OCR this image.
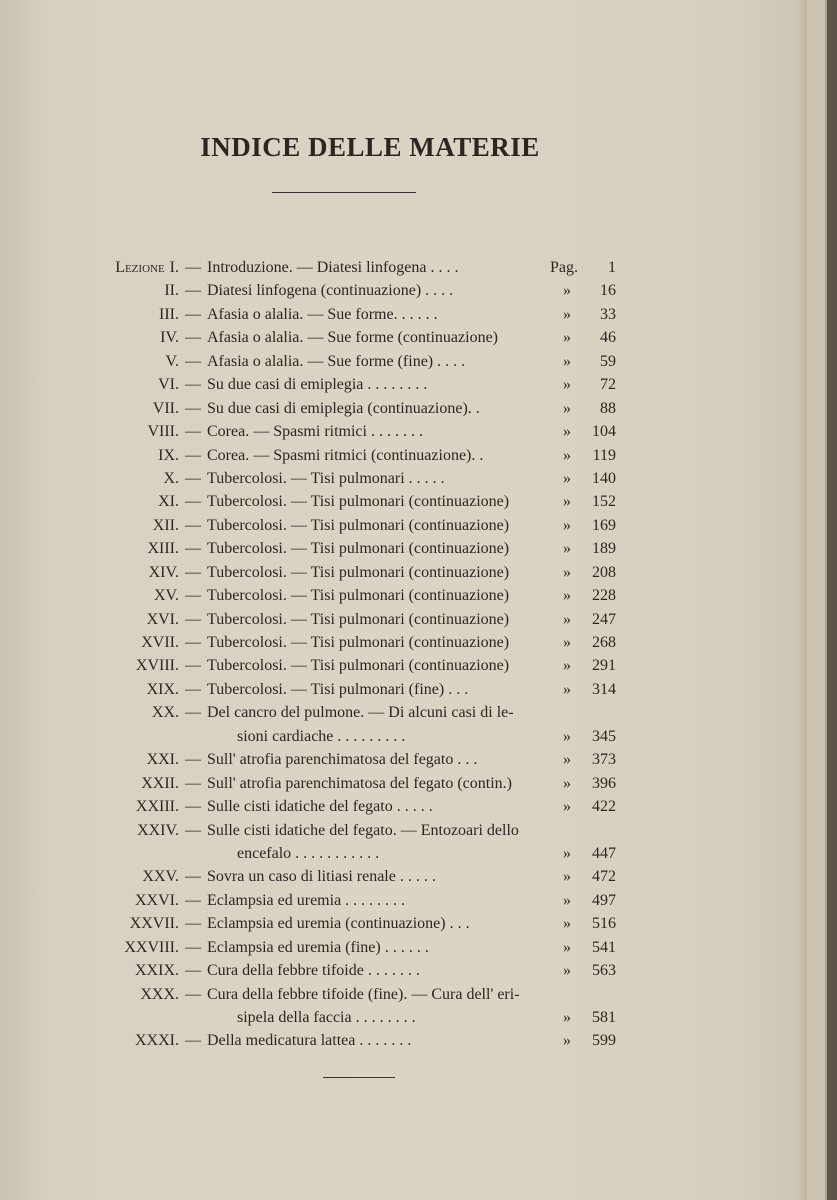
INDICE DELLE MATERIE
Lezione I. — Introduzione. — Diatesi linfogena . . . .	Pag.	1
II. — Diatesi linfogena (continuazione) . . . .	»	16
III. — Afasia o alalia. — Sue forme. . . . . .	»	33
IV. — Afasia o alalia. — Sue forme (continuazione)	»	46
V. — Afasia o alalia. — Sue forme (fine) . . . .	»	59
VI. — Su due casi di emiplegia . . . . . . . .	»	72
VII. — Su due casi di emiplegia (continuazione). .	»	88
VIII. — Corea. — Spasmi ritmici . . . . . . .	»	104
IX. — Corea. — Spasmi ritmici (continuazione). .	»	119
X. — Tubercolosi. — Tisi pulmonari . . . . .	»	140
XI. — Tubercolosi. — Tisi pulmonari (continuazione)	»	152
XII. — Tubercolosi. — Tisi pulmonari (continuazione)	»	169
XIII. — Tubercolosi. — Tisi pulmonari (continuazione)	»	189
XIV. — Tubercolosi. — Tisi pulmonari (continuazione)	»	208
XV. — Tubercolosi. — Tisi pulmonari (continuazione)	»	228
XVI. — Tubercolosi. — Tisi pulmonari (continuazione)	»	247
XVII. — Tubercolosi. — Tisi pulmonari (continuazione)	»	268
XVIII. — Tubercolosi. — Tisi pulmonari (continuazione)	»	291
XIX. — Tubercolosi. — Tisi pulmonari (fine) . . .	»	314
XX. — Del cancro del pulmone. — Di alcuni casi di le-
sioni cardiache . . . . . . . . .	»	345
XXI. — Sull' atrofia parenchimatosa del fegato . . .	»	373
XXII. — Sull' atrofia parenchimatosa del fegato (contin.)	»	396
XXIII. — Sulle cisti idatiche del fegato . . . . .	»	422
XXIV. — Sulle cisti idatiche del fegato. — Entozoari dello
encefalo . . . . . . . . . . .	»	447
XXV. — Sovra un caso di litiasi renale . . . . .	»	472
XXVI. — Eclampsia ed uremia . . . . . . . .	»	497
XXVII. — Eclampsia ed uremia (continuazione) . . .	»	516
XXVIII. — Eclampsia ed uremia (fine) . . . . . .	»	541
XXIX. — Cura della febbre tifoide . . . . . . .	»	563
XXX. — Cura della febbre tifoide (fine). — Cura dell' eri-
sipela della faccia . . . . . . . .	»	581
XXXI. — Della medicatura lattea . . . . . . .	»	599
